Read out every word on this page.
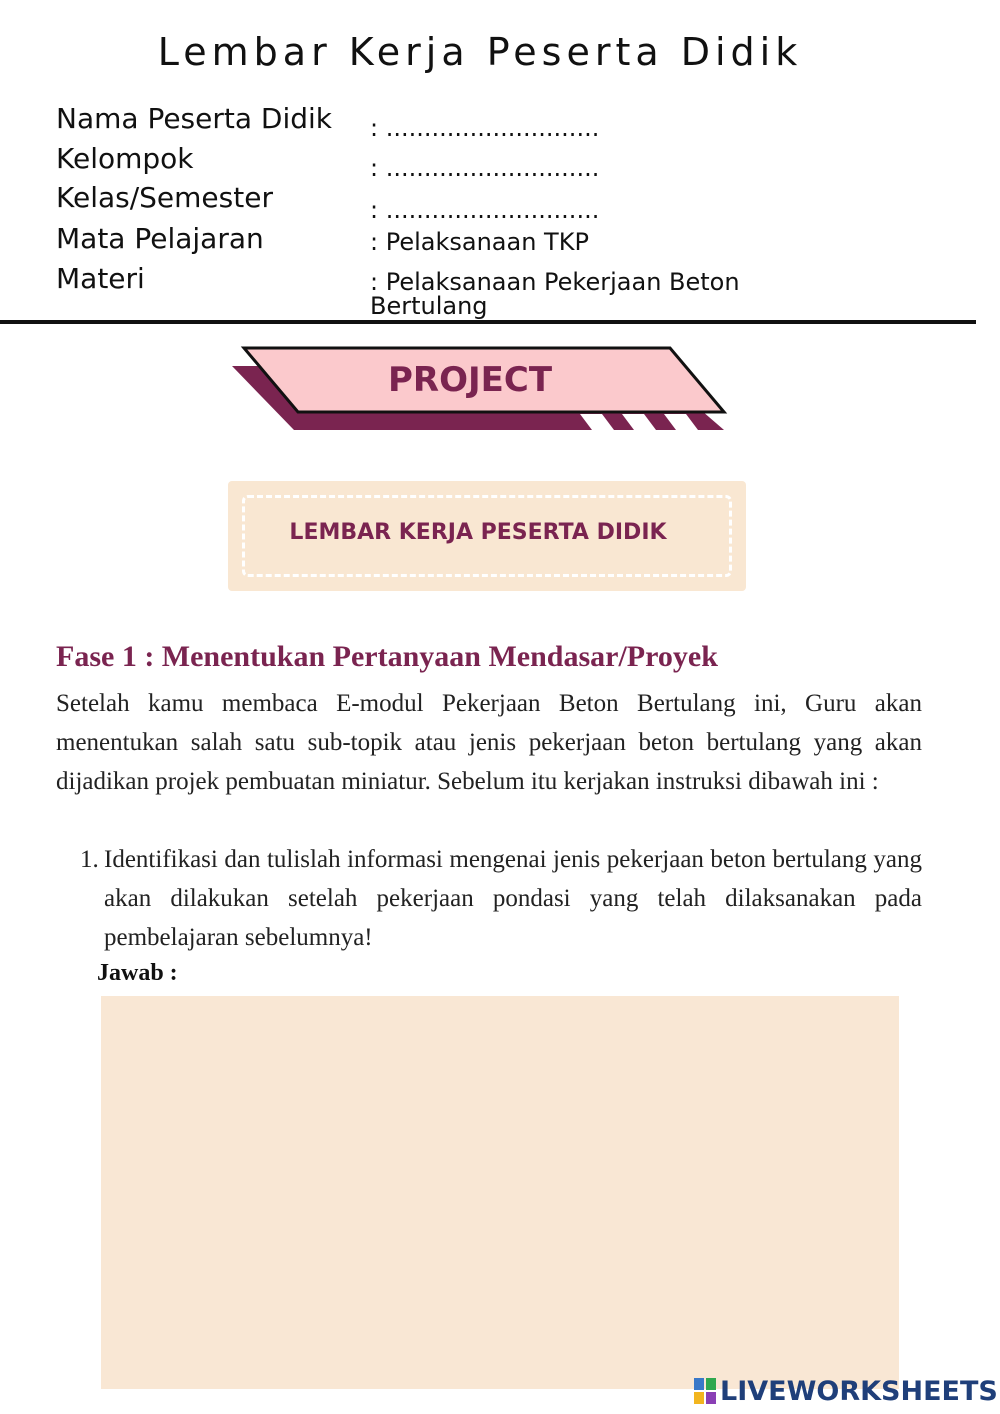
Lembar Kerja Peserta Didik
Nama Peserta Didik : ............................
Kelompok	: ............................
Kelas/Semester	: ............................
Mata Pelajaran	: Pelaksanaan TKP
Materi	: Pelaksanaan Pekerjaan Beton Bertulang
PROJECT
LEMBAR KERJA PESERTA DIDIK
Fase 1 : Menentukan Pertanyaan Mendasar/Proyek
Setelah kamu membaca E-modul Pekerjaan Beton Bertulang ini, Guru akan menentukan salah satu sub-topik atau jenis pekerjaan beton bertulang yang akan dijadikan projek pembuatan miniatur. Sebelum itu kerjakan instruksi dibawah ini :
1. Identifikasi dan tulislah informasi mengenai jenis pekerjaan beton bertulang yang akan dilakukan setelah pekerjaan pondasi yang telah dilaksanakan pada pembelajaran sebelumnya!
Jawab :
LIVEWORKSHEETS
